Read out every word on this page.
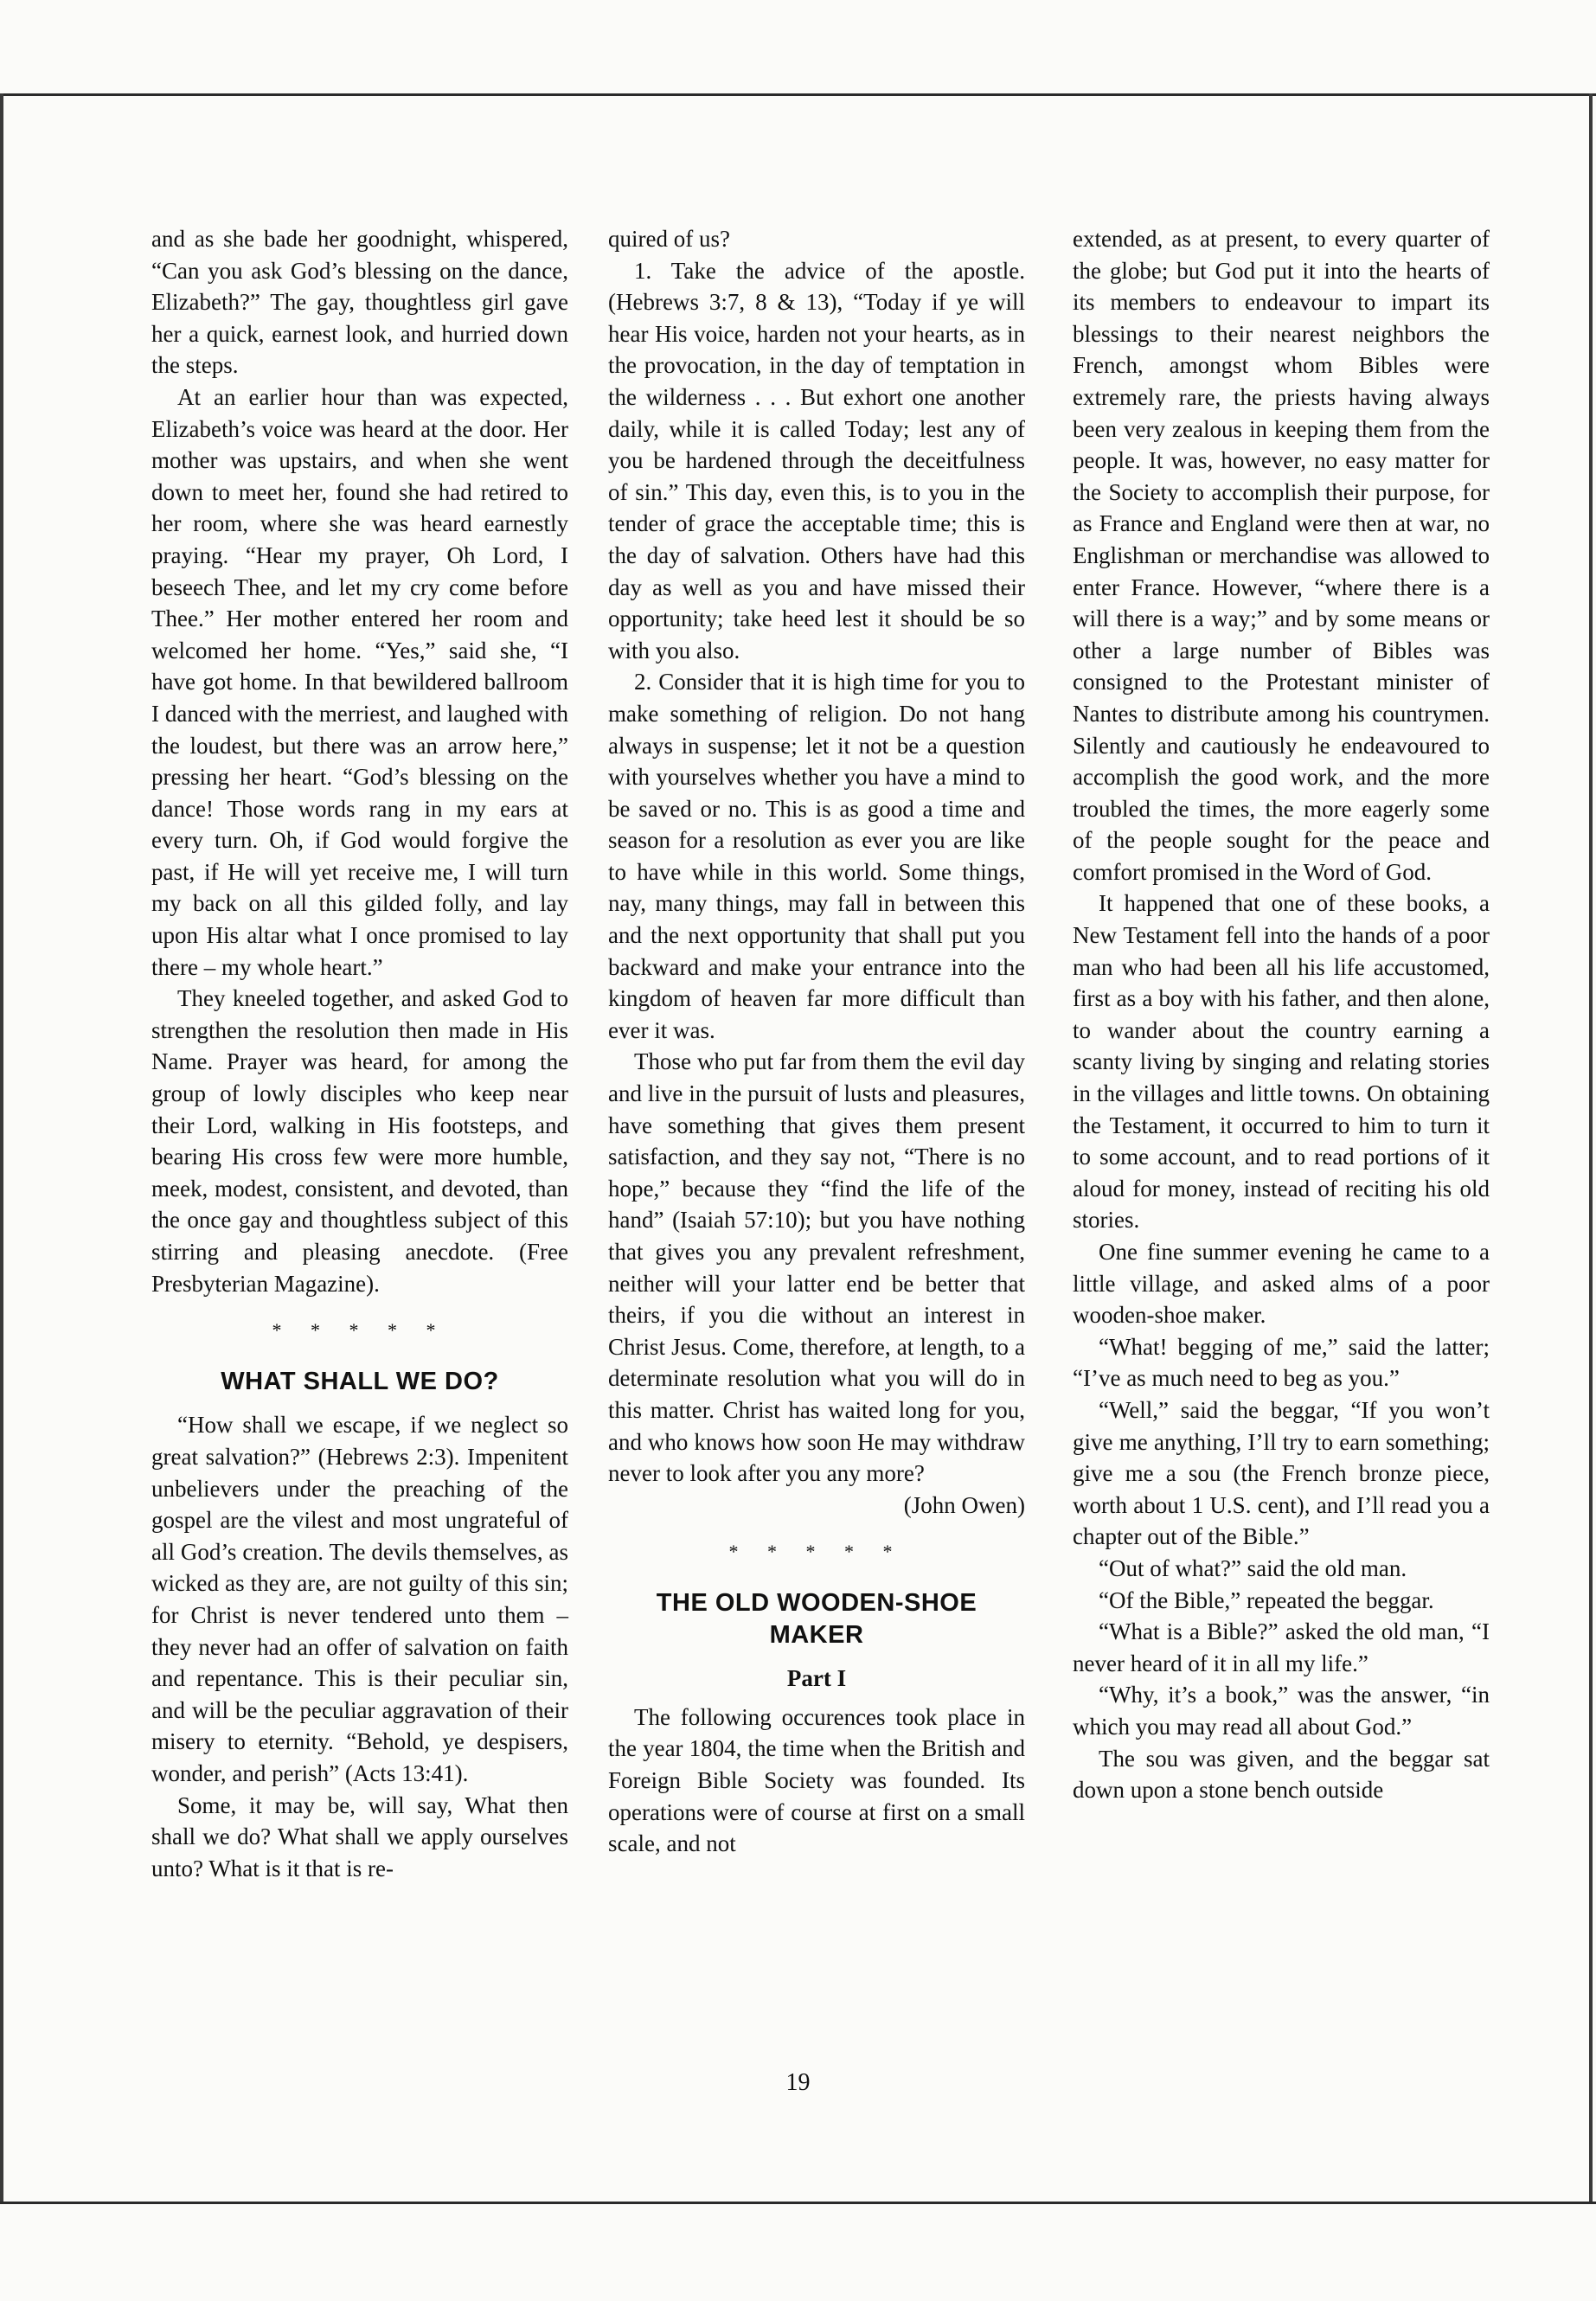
and as she bade her goodnight, whispered, “Can you ask God’s blessing on the dance, Elizabeth?” The gay, thoughtless girl gave her a quick, earnest look, and hurried down the steps.

At an earlier hour than was expected, Elizabeth’s voice was heard at the door. Her mother was upstairs, and when she went down to meet her, found she had retired to her room, where she was heard earnestly praying. “Hear my prayer, Oh Lord, I beseech Thee, and let my cry come before Thee.” Her mother entered her room and welcomed her home. “Yes,” said she, “I have got home. In that bewildered ballroom I danced with the merriest, and laughed with the loudest, but there was an arrow here,” pressing her heart. “God’s blessing on the dance! Those words rang in my ears at every turn. Oh, if God would forgive the past, if He will yet receive me, I will turn my back on all this gilded folly, and lay upon His altar what I once promised to lay there – my whole heart.”

They kneeled together, and asked God to strengthen the resolution then made in His Name. Prayer was heard, for among the group of lowly disciples who keep near their Lord, walking in His footsteps, and bearing His cross few were more humble, meek, modest, consistent, and devoted, than the once gay and thoughtless subject of this stirring and pleasing anecdote. (Free Presbyterian Magazine).

* * * * *
WHAT SHALL WE DO?

“How shall we escape, if we neglect so great salvation?” (Hebrews 2:3). Impenitent unbelievers under the preaching of the gospel are the vilest and most ungrateful of all God’s creation. The devils themselves, as wicked as they are, are not guilty of this sin; for Christ is never tendered unto them – they never had an offer of salvation on faith and repentance. This is their peculiar sin, and will be the peculiar aggravation of their misery to eternity. “Behold, ye despisers, wonder, and perish” (Acts 13:41).

Some, it may be, will say, What then shall we do? What shall we apply ourselves unto? What is it that is re-

quired of us?

1. Take the advice of the apostle. (Hebrews 3:7, 8 & 13), “Today if ye will hear His voice, harden not your hearts, as in the provocation, in the day of temptation in the wilderness . . . But exhort one another daily, while it is called Today; lest any of you be hardened through the deceitfulness of sin.” This day, even this, is to you in the tender of grace the acceptable time; this is the day of salvation. Others have had this day as well as you and have missed their opportunity; take heed lest it should be so with you also.

2. Consider that it is high time for you to make something of religion. Do not hang always in suspense; let it not be a question with yourselves whether you have a mind to be saved or no. This is as good a time and season for a resolution as ever you are like to have while in this world. Some things, nay, many things, may fall in between this and the next opportunity that shall put you backward and make your entrance into the kingdom of heaven far more difficult than ever it was.

Those who put far from them the evil day and live in the pursuit of lusts and pleasures, have something that gives them present satisfaction, and they say not, “There is no hope,” because they “find the life of the hand” (Isaiah 57:10); but you have nothing that gives you any prevalent refreshment, neither will your latter end be better that theirs, if you die without an interest in Christ Jesus. Come, therefore, at length, to a determinate resolution what you will do in this matter. Christ has waited long for you, and who knows how soon He may withdraw never to look after you any more?

(John Owen)

* * * * *
THE OLD WOODEN-SHOE MAKER
Part I

The following occurences took place in the year 1804, the time when the British and Foreign Bible Society was founded. Its operations were of course at first on a small scale, and not

extended, as at present, to every quarter of the globe; but God put it into the hearts of its members to endeavour to impart its blessings to their nearest neighbors the French, amongst whom Bibles were extremely rare, the priests having always been very zealous in keeping them from the people. It was, however, no easy matter for the Society to accomplish their purpose, for as France and England were then at war, no Englishman or merchandise was allowed to enter France. However, “where there is a will there is a way;” and by some means or other a large number of Bibles was consigned to the Protestant minister of Nantes to distribute among his countrymen. Silently and cautiously he endeavoured to accomplish the good work, and the more troubled the times, the more eagerly some of the people sought for the peace and comfort promised in the Word of God.

It happened that one of these books, a New Testament fell into the hands of a poor man who had been all his life accustomed, first as a boy with his father, and then alone, to wander about the country earning a scanty living by singing and relating stories in the villages and little towns. On obtaining the Testament, it occurred to him to turn it to some account, and to read portions of it aloud for money, instead of reciting his old stories.

One fine summer evening he came to a little village, and asked alms of a poor wooden-shoe maker.

“What! begging of me,” said the latter; “I’ve as much need to beg as you.”

“Well,” said the beggar, “If you won’t give me anything, I’ll try to earn something; give me a sou (the French bronze piece, worth about 1 U.S. cent), and I’ll read you a chapter out of the Bible.”

“Out of what?” said the old man.

“Of the Bible,” repeated the beggar.

“What is a Bible?” asked the old man, “I never heard of it in all my life.”

“Why, it’s a book,” was the answer, “in which you may read all about God.”

The sou was given, and the beggar sat down upon a stone bench outside

19
